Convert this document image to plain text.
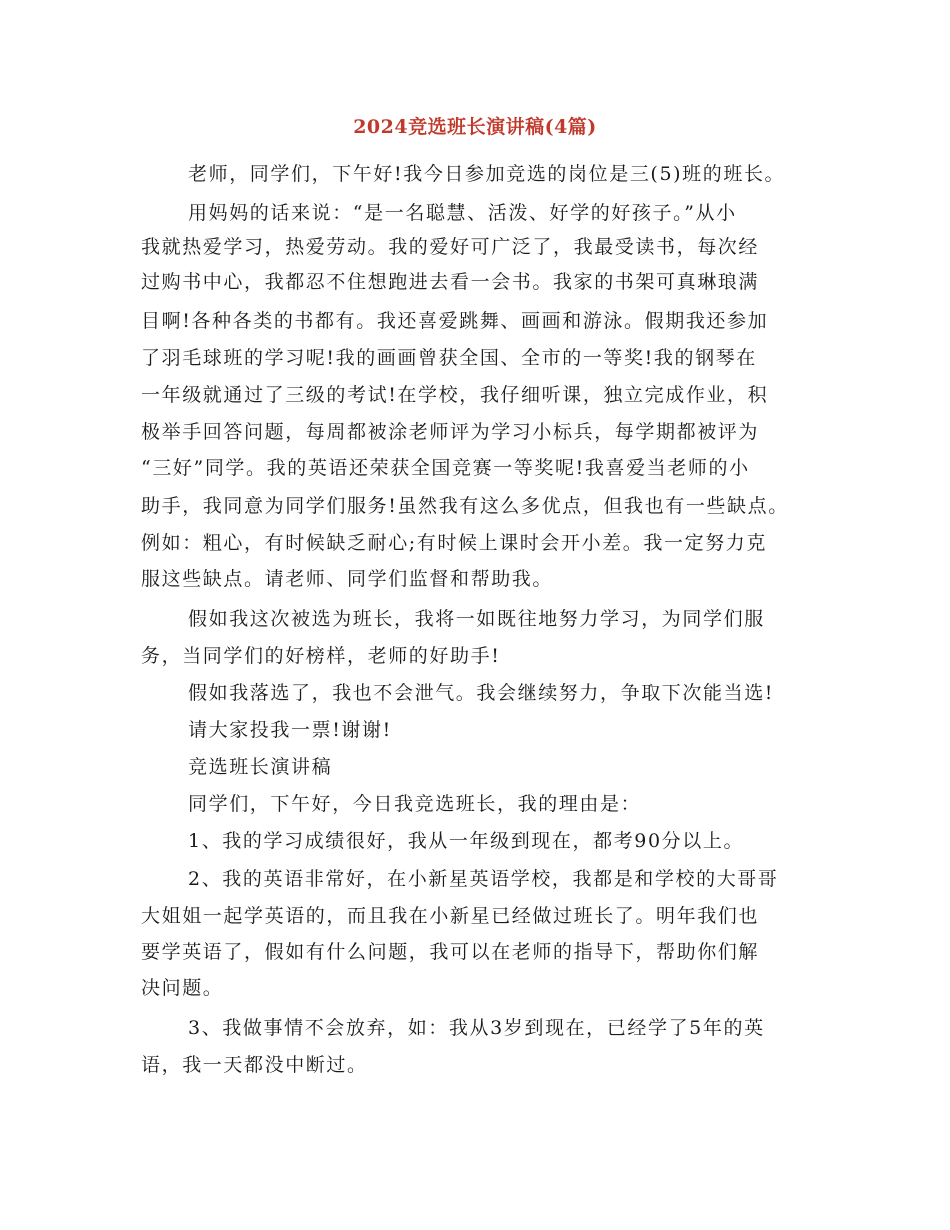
2024竞选班长演讲稿(4篇)
老师，同学们，下午好!我今日参加竞选的岗位是三(5)班的班长。
用妈妈的话来说：“是一名聪慧、活泼、好学的好孩子。”从小
我就热爱学习，热爱劳动。我的爱好可广泛了，我最受读书，每次经
过购书中心，我都忍不住想跑进去看一会书。我家的书架可真琳琅满
目啊!各种各类的书都有。我还喜爱跳舞、画画和游泳。假期我还参加
了羽毛球班的学习呢!我的画画曾获全国、全市的一等奖!我的钢琴在
一年级就通过了三级的考试!在学校，我仔细听课，独立完成作业，积
极举手回答问题，每周都被涂老师评为学习小标兵，每学期都被评为
“三好”同学。我的英语还荣获全国竞赛一等奖呢!我喜爱当老师的小
助手，我同意为同学们服务!虽然我有这么多优点，但我也有一些缺点。
例如：粗心，有时候缺乏耐心;有时候上课时会开小差。我一定努力克
服这些缺点。请老师、同学们监督和帮助我。
假如我这次被选为班长，我将一如既往地努力学习，为同学们服
务，当同学们的好榜样，老师的好助手!
假如我落选了，我也不会泄气。我会继续努力，争取下次能当选!
请大家投我一票!谢谢!
竞选班长演讲稿
同学们，下午好，今日我竞选班长，我的理由是：
1、我的学习成绩很好，我从一年级到现在，都考90分以上。
2、我的英语非常好，在小新星英语学校，我都是和学校的大哥哥
大姐姐一起学英语的，而且我在小新星已经做过班长了。明年我们也
要学英语了，假如有什么问题，我可以在老师的指导下，帮助你们解
决问题。
3、我做事情不会放弃，如：我从3岁到现在，已经学了5年的英
语，我一天都没中断过。
